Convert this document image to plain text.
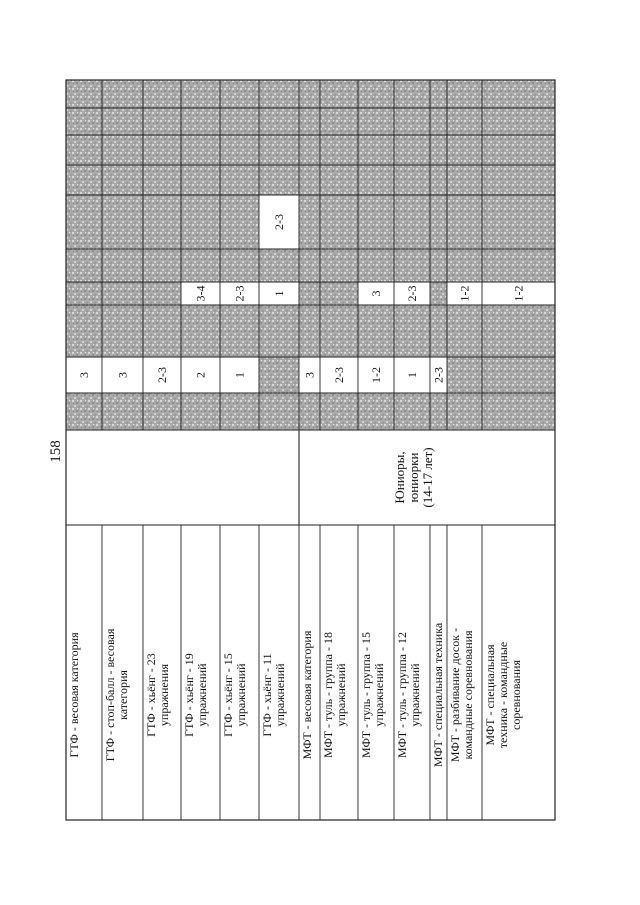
158
ГТФ - весовая категория ГТФ - стоп-балл - весовая категория ГТФ - хьёнг - 23 упражнения ГТФ - хьёнг - 19 упражнений ГТФ - хьёнг - 15 упражнений ГТФ - хьёнг - 11 упражнений МФТ - весовая категория МФТ - туль - группа - 18 упражнений МФТ - туль - группа - 15 упражнений МФТ - туль - группа - 12 упражнений МФТ - специальная техника МФТ - разбивание досок - командные соревнования МФТ - специальная техника - командные соревнования
3 3 2-3 2
3-4
1
2-3 1
2-3
3 2-3 1-2
3
1
2-3
2-3
1-2	1-2
Юниоры, юниорки (14-17 лет)
